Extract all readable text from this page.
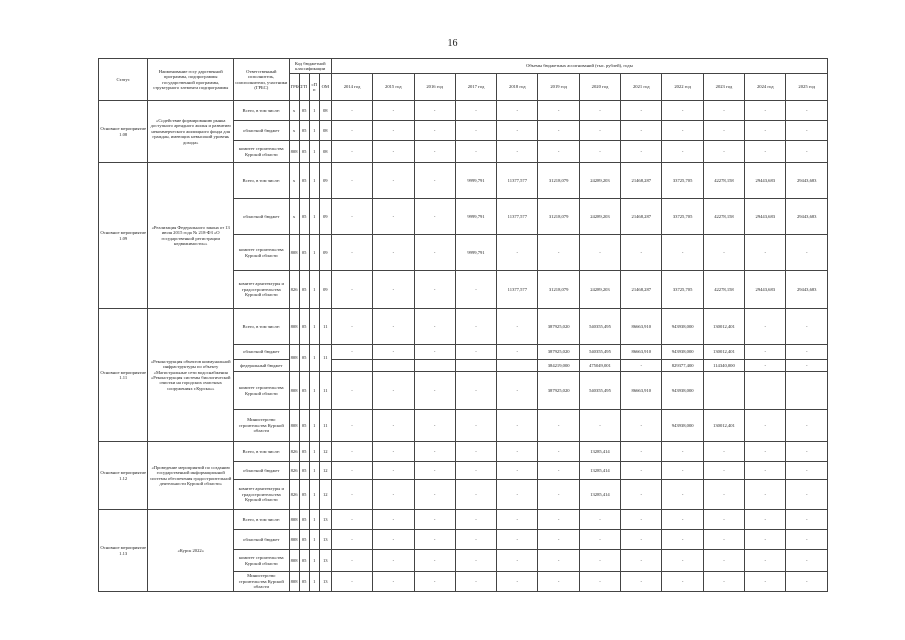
16
Статус	Наименование госу дарственной программы, подпрограммы государственной программы, структурного элемента подпрограммы	Ответственный исполнитель, соисполнители, участники (ГРБС)	Код бюджетной классификации				Объемы бюджетных ассигнований (тыс. рублей), годы											
			ГРБС	ГП	сП п	ОМ	2014 год	2015 год	2016 год	2017 год	2018 год	2019 год	2020 год	2021 год	2022 год	2023 год	2024 год	2025 год
Основное мероприятие 1.08	«Содействие формированию рынка доступного арендного жилья и развитию некоммерческого жилищного фонда для граждан, имеющих невысокий уровень дохода»	Всего, в том числе:	х	05	1	08	-	-	-	-	-	-	-	-	-	-	-	-
		областной бюджет	х	05	1	08	-	-	-	-	-	-	-	-	-	-	-	-
		комитет строительства Курской области	808	05	1	08	-	-	-	-	-	-	-	-	-	-	-	-
Основное мероприятие 1.09	«Реализация Федерального закона от 13 июля 2015 года № 218-ФЗ «О государственной регистрации недвижимости»»	Всего, в том числе:	х	05	1	09	-	-	-	9999,791	11377,577	31218,079	24289,203	21468,287	33725,705	42278,158	29443,683	29443,683
		областной бюджет	х	05	1	09	-	-	-	9999,791	11377,577	31218,079	24289,203	21468,287	33725,705	42278,158	29443,683	29443,683
		комитет строительства Курской области	808	05	1	09	-	-	-	9999,791	-	-	-	-	-	-	-	-
		комитет архитектуры и градостроительства Курской области	826	05	1	09	-	-	-	-	11377,577	31218,079	24289,203	21468,287	33725,705	42278,158	29443,683	29443,683
Основное мероприятие 1.11	«Реконструкция объектов коммунальной инфраструктуры по объекту «Магистральные сети водоснабжения «Реконструкция системы биологической очистки на городских очистных сооружениях г.Курска»»	Всего, в том числе:	808	05	1	11	-	-	-	-	-	387925,020	540355,495	86663,910	943938,000	130012,401	-	-
		областной бюджет	808	05	1	11	-	-	-	-	-	387925,020	540355,495	86663,910	943938,000	130012,401	-	-
		федеральный бюджет										384219,000	475049,001	-	829377,400	114340,000	-	-
		комитет строительства Курской области	808	05	1	11	-	-	-	-	-	387925,020	540355,495	86663,910	943938,000			
		Министерство строительства Курской области	808	05	1	11	-	-	-	-	-	-	-	-	943938,000	130012,401	-	-
Основное мероприятие 1.12	«Проведение мероприятий по созданию государственной информационной системы обеспечения градостроительной деятельности Курской области»	Всего, в том числе:	826	05	1	12	-	-	-	-	-	-	13285,414	-	-	-	-	-
		областной бюджет	826	05	1	12	-	-	-	-	-	-	13285,414	-	-	-	-	-
		комитет архитектуры и градостроительства Курской области	826	05	1	12	-	-	-	-	-	-	13285,414	-	-	-	-	-
Основное мероприятие 1.13	«Курск 2022»	Всего, в том числе:	808	05	1	13	-	-	-	-	-	-	-	-	-	-	-	-
		областной бюджет	808	05	1	13	-	-	-	-	-	-	-	-	-	-	-	-
		комитет строительства Курской области	808	05	1	13	-	-	-	-	-	-	-	-	-	-	-	-
		Министерство строительства Курской области	808	05	1	13	-	-	-	-	-	-	-	-	-	-	-	-
